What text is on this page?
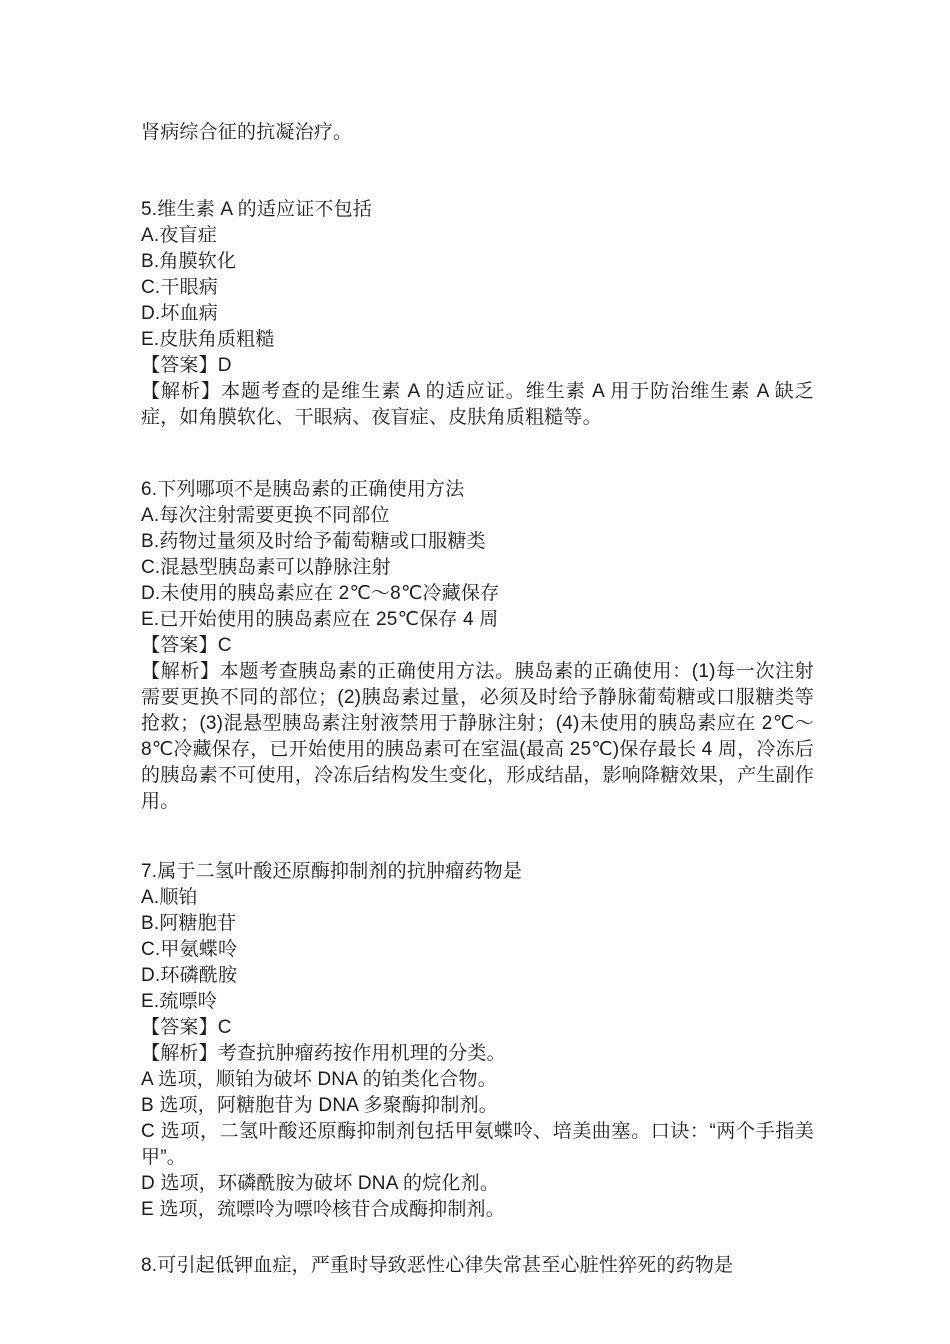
肾病综合征的抗凝治疗。

5.维生素 A 的适应证不包括

A.夜盲症

B.角膜软化

C.干眼病

D.坏血病

E.皮肤角质粗糙

【答案】D

【解析】本题考查的是维生素 A 的适应证。维生素 A 用于防治维生素 A 缺乏症，如角膜软化、干眼病、夜盲症、皮肤角质粗糙等。

6.下列哪项不是胰岛素的正确使用方法

A.每次注射需要更换不同部位

B.药物过量须及时给予葡萄糖或口服糖类

C.混悬型胰岛素可以静脉注射

D.未使用的胰岛素应在 2℃～8℃冷藏保存

E.已开始使用的胰岛素应在 25℃保存 4 周

【答案】C

【解析】本题考查胰岛素的正确使用方法。胰岛素的正确使用：(1)每一次注射需要更换不同的部位；(2)胰岛素过量，必须及时给予静脉葡萄糖或口服糖类等抢救；(3)混悬型胰岛素注射液禁用于静脉注射；(4)未使用的胰岛素应在 2℃～8℃冷藏保存，已开始使用的胰岛素可在室温(最高 25℃)保存最长 4 周，冷冻后的胰岛素不可使用，冷冻后结构发生变化，形成结晶，影响降糖效果，产生副作用。

7.属于二氢叶酸还原酶抑制剂的抗肿瘤药物是

A.顺铂

B.阿糖胞苷

C.甲氨蝶呤

D.环磷酰胺

E.巯嘌呤

【答案】C

【解析】考查抗肿瘤药按作用机理的分类。

A 选项，顺铂为破坏 DNA 的铂类化合物。

B 选项，阿糖胞苷为 DNA 多聚酶抑制剂。

C 选项，二氢叶酸还原酶抑制剂包括甲氨蝶呤、培美曲塞。口诀：“两个手指美甲”。

D 选项，环磷酰胺为破坏 DNA 的烷化剂。

E 选项，巯嘌呤为嘌呤核苷合成酶抑制剂。

8.可引起低钾血症，严重时导致恶性心律失常甚至心脏性猝死的药物是
